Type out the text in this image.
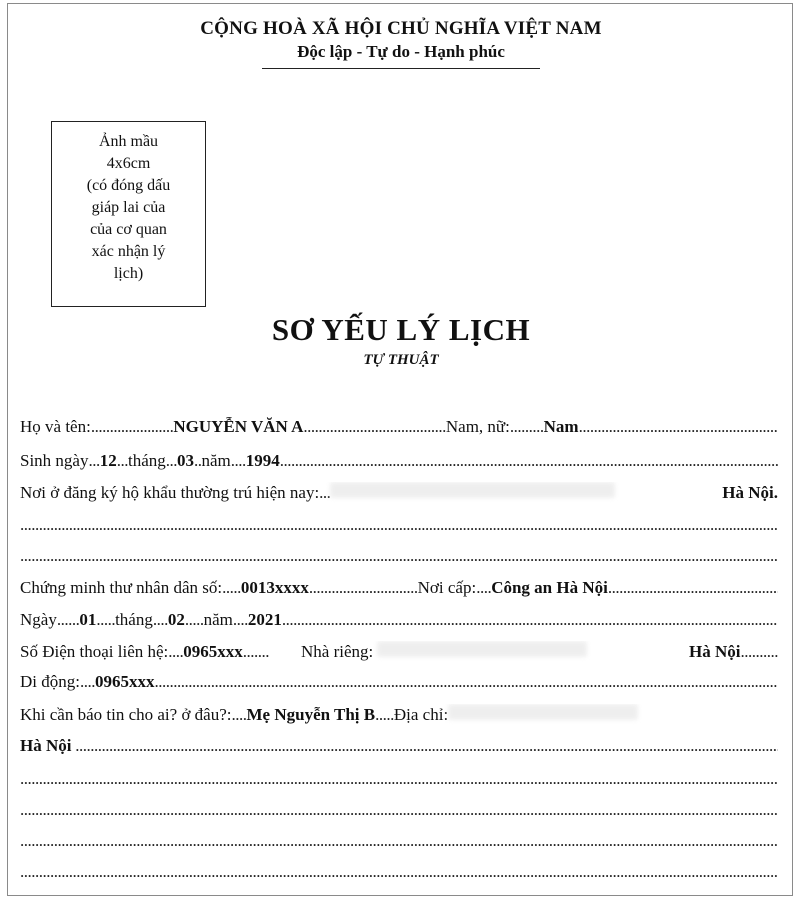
CỘNG HOÀ XÃ HỘI CHỦ NGHĨA VIỆT NAM
Độc lập - Tự do - Hạnh phúc
Ảnh mầu
4x6cm
(có đóng dấu
giáp lai của
của cơ quan
xác nhận lý
lịch)
SƠ YẾU LÝ LỊCH
TỰ THUẬT
Họ và tên: ...................... NGUYỄN VĂN A ...................................... Nam, nữ: ......... Nam
.....
Sinh ngày ... 12 ... tháng ... 03 .. năm .... 1994
.....
Nơi ở đăng ký hộ khẩu thường trú hiện nay: ...	Hà Nội.
.....
.....
Chứng minh thư nhân dân số: ..... 0013xxxx ............................. Nơi cấp: .... Công an Hà Nội
.....
Ngày ...... 01 ..... tháng .... 02 ..... năm .... 2021
.....
Số Điện thoại liên hệ: .... 0965xxx ....... Nhà riêng:	Hà Nội ..........
Di động: .... 0965xxx
.....
Khi cần báo tin cho ai? ở đâu?: .... Mẹ Nguyễn Thị B ..... Địa chỉ:
Hà Nội

.....
.....
.....
.....
.....
